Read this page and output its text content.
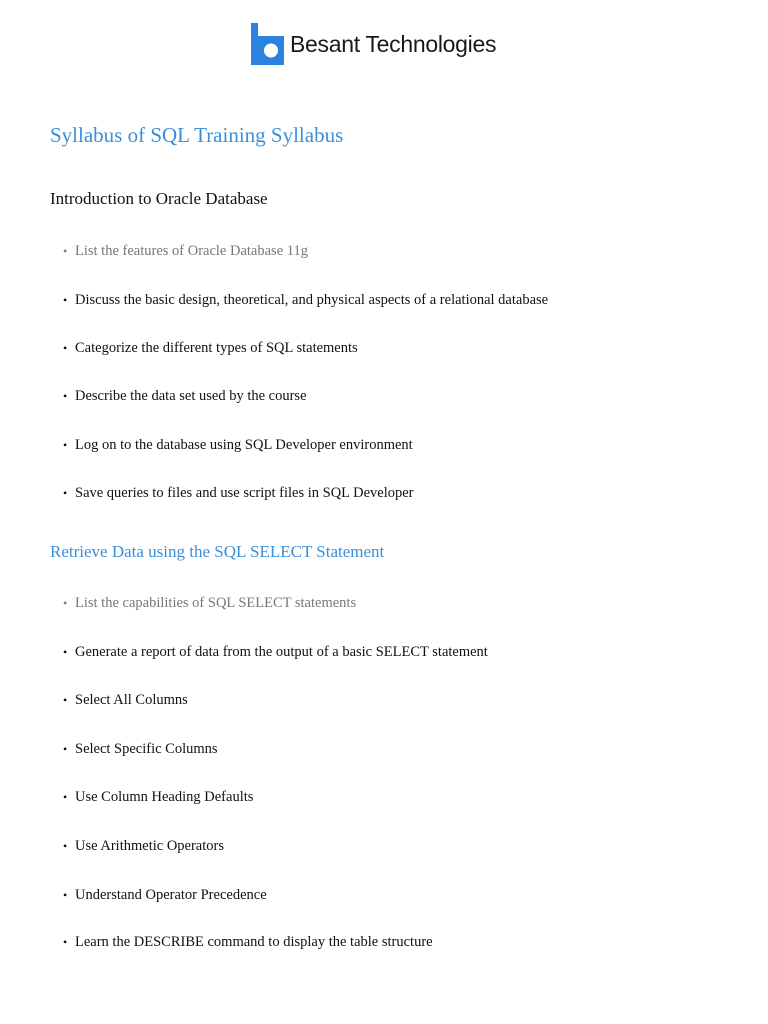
Besant Technologies
Syllabus of SQL Training Syllabus
Introduction to Oracle Database
• List the features of Oracle Database 11g
• Discuss the basic design, theoretical, and physical aspects of a relational database
• Categorize the different types of SQL statements
• Describe the data set used by the course
• Log on to the database using SQL Developer environment
• Save queries to files and use script files in SQL Developer
Retrieve Data using the SQL SELECT Statement
• List the capabilities of SQL SELECT statements
• Generate a report of data from the output of a basic SELECT statement
• Select All Columns
• Select Specific Columns
• Use Column Heading Defaults
• Use Arithmetic Operators
• Understand Operator Precedence
• Learn the DESCRIBE command to display the table structure
